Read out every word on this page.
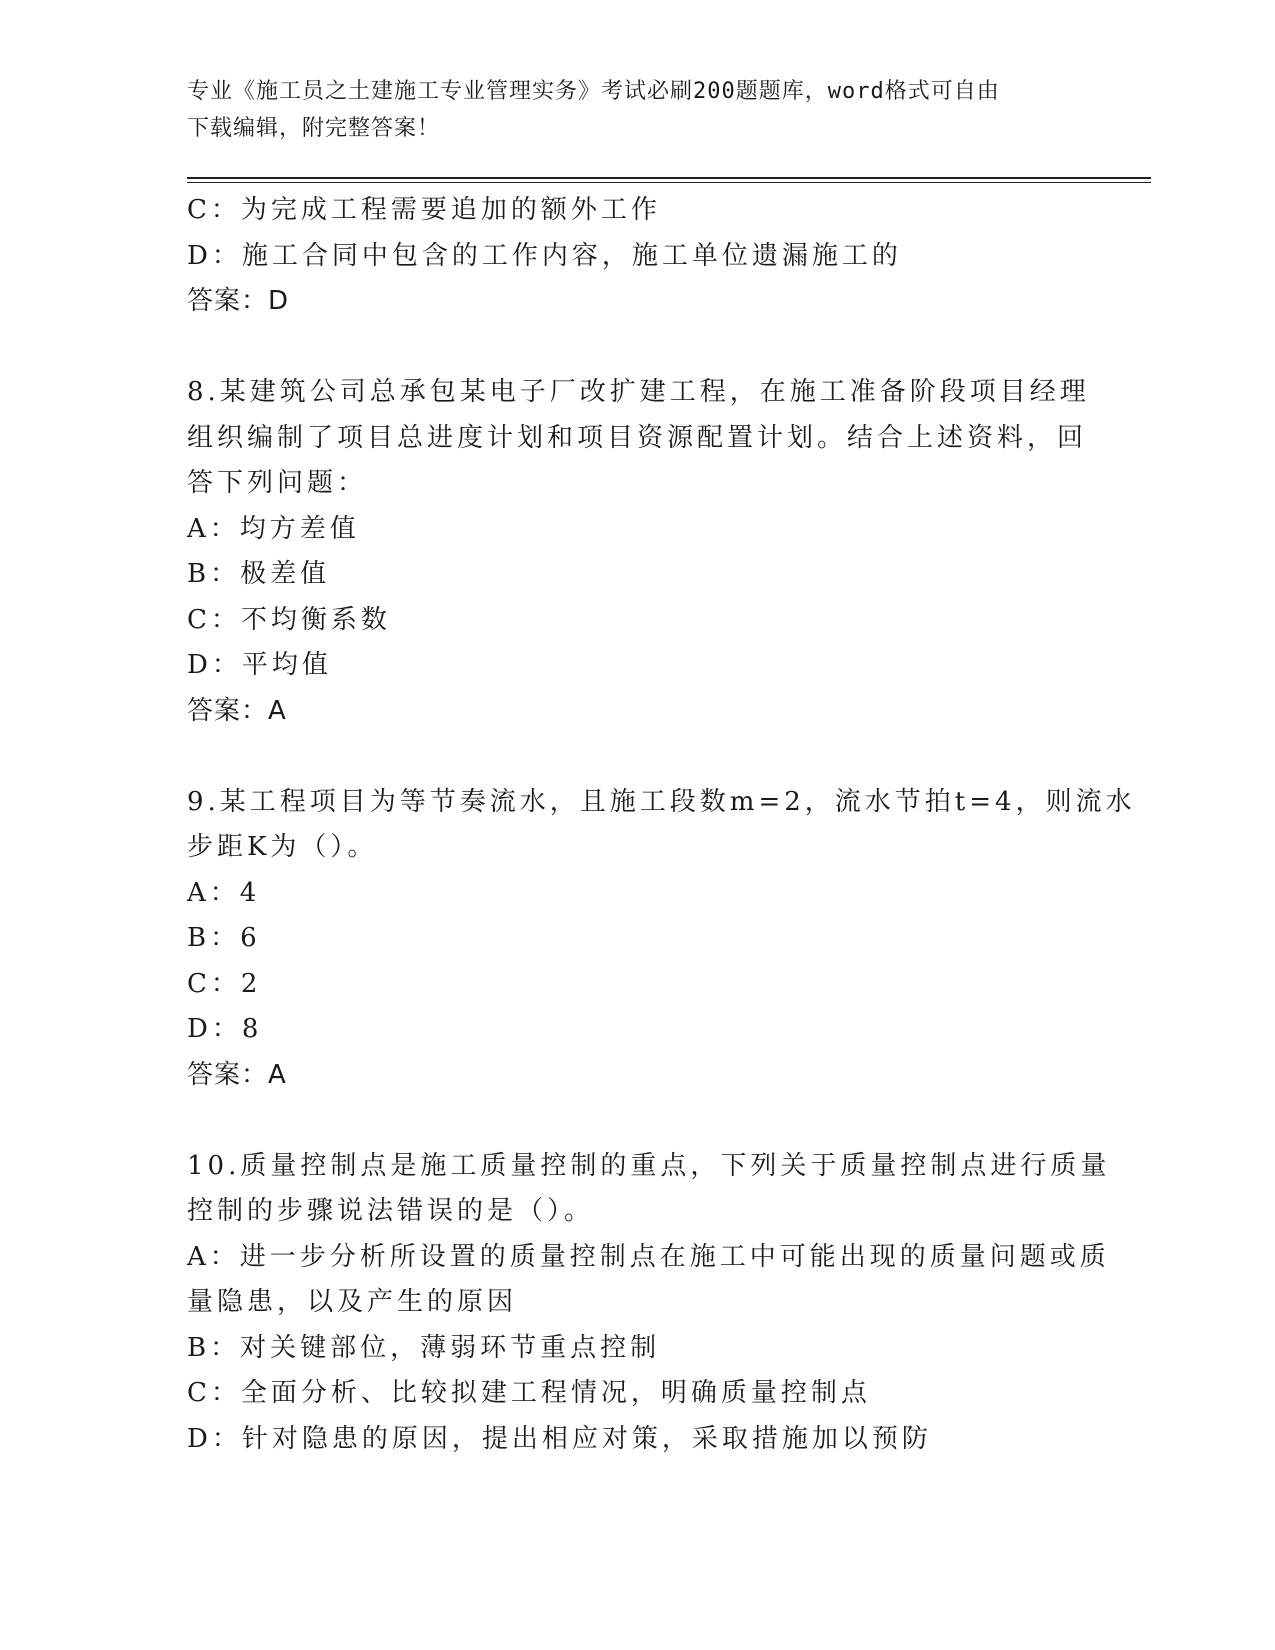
专业《施工员之土建施工专业管理实务》考试必刷200题题库，word格式可自由
下载编辑，附完整答案！
C：为完成工程需要追加的额外工作
D：施工合同中包含的工作内容，施工单位遗漏施工的
答案：D
8.某建筑公司总承包某电子厂改扩建工程，在施工准备阶段项目经理
组织编制了项目总进度计划和项目资源配置计划。结合上述资料，回
答下列问题：
A：均方差值
B：极差值
C：不均衡系数
D：平均值
答案：A
9.某工程项目为等节奏流水，且施工段数m=2，流水节拍t=4，则流水
步距K为（）。
A：4
B：6
C：2
D：8
答案：A
10.质量控制点是施工质量控制的重点，下列关于质量控制点进行质量
控制的步骤说法错误的是（）。
A：进一步分析所设置的质量控制点在施工中可能出现的质量问题或质
量隐患，以及产生的原因
B：对关键部位，薄弱环节重点控制
C：全面分析、比较拟建工程情况，明确质量控制点
D：针对隐患的原因，提出相应对策，采取措施加以预防
